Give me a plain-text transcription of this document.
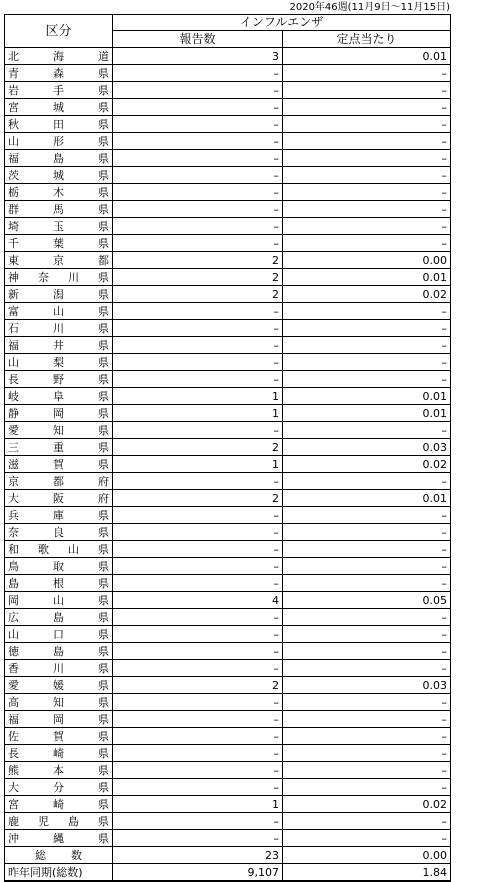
2020年46週(11月9日～11月15日)
区分	インフルエンザ	
	報告数	定点当たり
北海道	3	0.01
青森県	–	–
岩手県	–	–
宮城県	–	–
秋田県	–	–
山形県	–	–
福島県	–	–
茨城県	–	–
栃木県	–	–
群馬県	–	–
埼玉県	–	–
千葉県	–	–
東京都	2	0.00
神奈川県	2	0.01
新潟県	2	0.02
富山県	–	–
石川県	–	–
福井県	–	–
山梨県	–	–
長野県	–	–
岐阜県	1	0.01
静岡県	1	0.01
愛知県	–	–
三重県	2	0.03
滋賀県	1	0.02
京都府	–	–
大阪府	2	0.01
兵庫県	–	–
奈良県	–	–
和歌山県	–	–
鳥取県	–	–
島根県	–	–
岡山県	4	0.05
広島県	–	–
山口県	–	–
徳島県	–	–
香川県	–	–
愛媛県	2	0.03
高知県	–	–
福岡県	–	–
佐賀県	–	–
長崎県	–	–
熊本県	–	–
大分県	–	–
宮崎県	1	0.02
鹿児島県	–	–
沖縄県	–	–
総数	23	0.00
昨年同期(総数)	9,107	1.84
